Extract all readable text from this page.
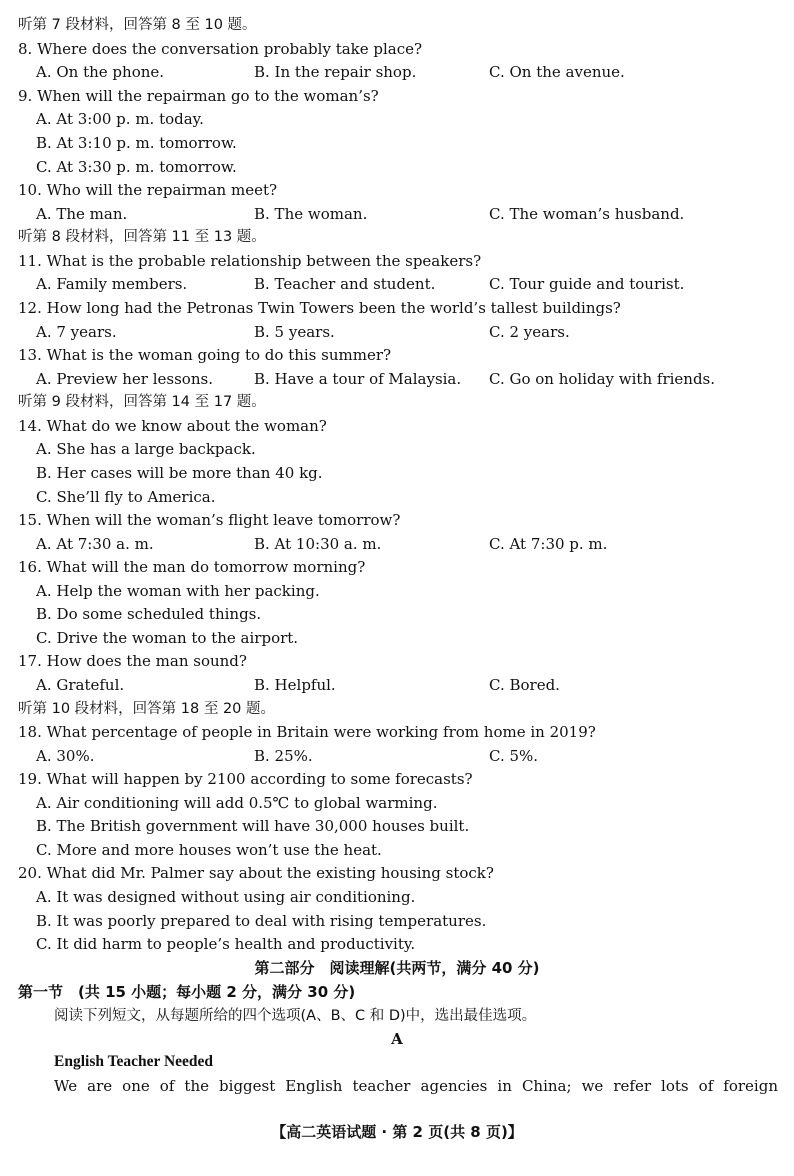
听第 7 段材料，回答第 8 至 10 题。
8. Where does the conversation probably take place?
A. On the phone.	B. In the repair shop.	C. On the avenue.
9. When will the repairman go to the woman’s?
A. At 3:00 p. m. today.
B. At 3:10 p. m. tomorrow.
C. At 3:30 p. m. tomorrow.
10. Who will the repairman meet?
A. The man.	B. The woman.	C. The woman’s husband.
听第 8 段材料，回答第 11 至 13 题。
11. What is the probable relationship between the speakers?
A. Family members.	B. Teacher and student.	C. Tour guide and tourist.
12. How long had the Petronas Twin Towers been the world’s tallest buildings?
A. 7 years.	B. 5 years.	C. 2 years.
13. What is the woman going to do this summer?
A. Preview her lessons.	B. Have a tour of Malaysia. C. Go on holiday with friends.
听第 9 段材料，回答第 14 至 17 题。
14. What do we know about the woman?
A. She has a large backpack.
B. Her cases will be more than 40 kg.
C. She’ll fly to America.
15. When will the woman’s flight leave tomorrow?
A. At 7:30 a. m.	B. At 10:30 a. m.	C. At 7:30 p. m.
16. What will the man do tomorrow morning?
A. Help the woman with her packing.
B. Do some scheduled things.
C. Drive the woman to the airport.
17. How does the man sound?
A. Grateful.	B. Helpful.	C. Bored.
听第 10 段材料，回答第 18 至 20 题。
18. What percentage of people in Britain were working from home in 2019?
A. 30%.	B. 25%.	C. 5%.
19. What will happen by 2100 according to some forecasts?
A. Air conditioning will add 0.5℃ to global warming.
B. The British government will have 30,000 houses built.
C. More and more houses won’t use the heat.
20. What did Mr. Palmer say about the existing housing stock?
A. It was designed without using air conditioning.
B. It was poorly prepared to deal with rising temperatures.
C. It did harm to people’s health and productivity.
第二部分　阅读理解(共两节，满分 40 分)
第一节　(共 15 小题；每小题 2 分，满分 30 分)
阅读下列短文，从每题所给的四个选项(A、B、C 和 D)中，选出最佳选项。
A
English Teacher Needed
We are one of the biggest English teacher agencies in China; we refer lots of foreign
【高二英语试题 · 第 2 页(共 8 页)】
